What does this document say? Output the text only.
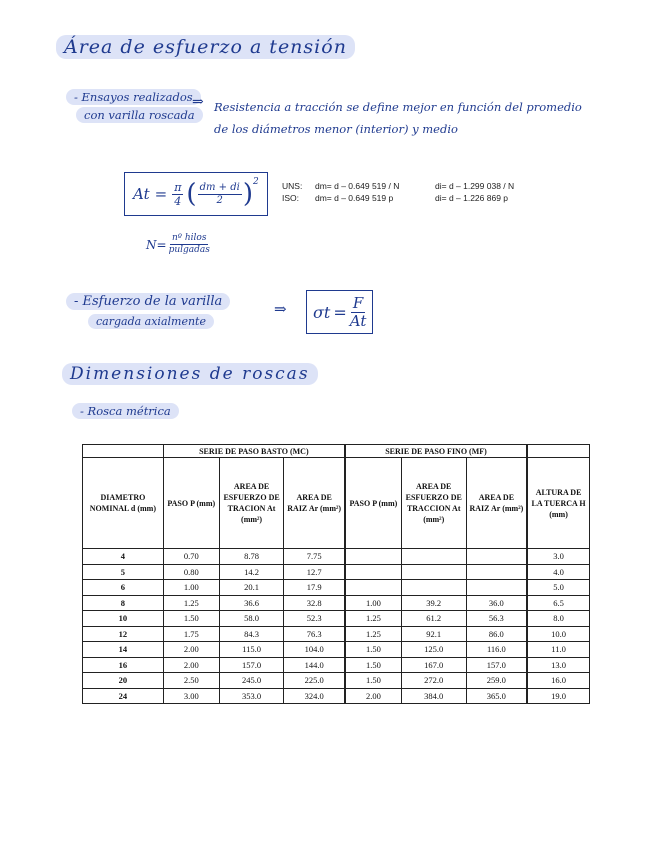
Área de esfuerzo a tensión
- Ensayos realizados
con varilla roscada
⇒ Resistencia a tracción se define mejor en función del promedio
de los diámetros menor (interior) y medio
$At = \frac{\pi}{4}$ ( $\frac{dm + di}{2} )^2$	UNS:	dm= d – 0.649 519 / N	di= d – 1.299 038 / N
ISO:	dm= d – 0.649 519 p	di= d – 1.226 869 p
$N= \frac{\text{nº hilos}}{\text{pulgadas}}$
- Esfuerzo de la varilla
cargada axialmente
⇒ $\sigma t = \frac{F}{At}$
Dimensiones de roscas
- Rosca métrica
	SERIE DE PASO BASTO (MC)			SERIE DE PASO FINO (MF)			
DIAMETRO NOMINAL d (mm)	PASO P (mm)	AREA DE ESFUERZO DE TRACION At (mm²)	AREA DE RAIZ Ar (mm²)	PASO P (mm)	AREA DE ESFUERZO DE TRACCION At (mm²)	AREA DE RAIZ Ar (mm²)	ALTURA DE LA TUERCA H (mm)
4	0.70	8.78	7.75				3.0
5	0.80	14.2	12.7				4.0
6	1.00	20.1	17.9				5.0
8	1.25	36.6	32.8	1.00	39.2	36.0	6.5
10	1.50	58.0	52.3	1.25	61.2	56.3	8.0
12	1.75	84.3	76.3	1.25	92.1	86.0	10.0
14	2.00	115.0	104.0	1.50	125.0	116.0	11.0
16	2.00	157.0	144.0	1.50	167.0	157.0	13.0
20	2.50	245.0	225.0	1.50	272.0	259.0	16.0
24	3.00	353.0	324.0	2.00	384.0	365.0	19.0
